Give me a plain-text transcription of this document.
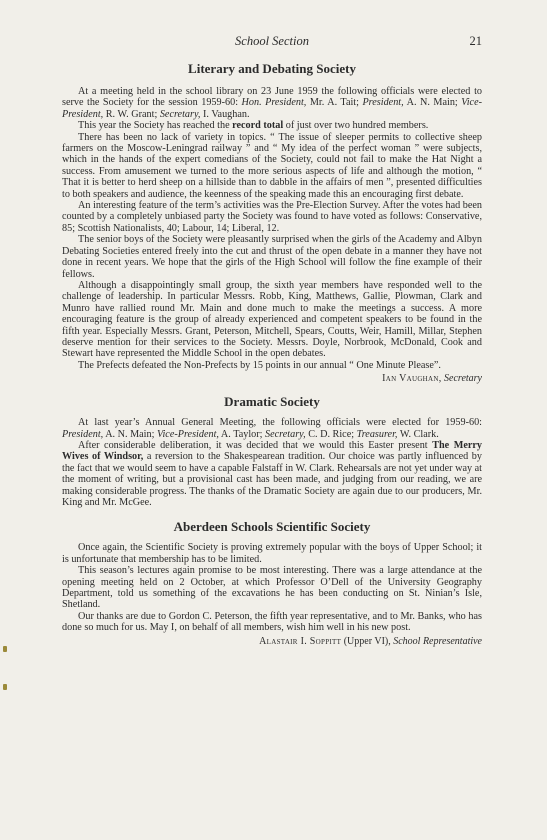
School Section	21
Literary and Debating Society

At a meeting held in the school library on 23 June 1959 the following officials were elected to serve the Society for the session 1959-60: Hon. President, Mr. A. Tait; President, A. N. Main; Vice-President, R. W. Grant; Secretary, I. Vaughan.

This year the Society has reached the record total of just over two hundred members.

There has been no lack of variety in topics. “ The issue of sleeper permits to collective sheep farmers on the Moscow-Leningrad railway ” and “ My idea of the perfect woman ” were subjects, which in the hands of the expert comedians of the Society, could not fail to make the Hat Night a success. From amusement we turned to the more serious aspects of life and although the motion, “ That it is better to herd sheep on a hillside than to dabble in the affairs of men ”, presented difficulties to both speakers and audience, the keenness of the speaking made this an encouraging first debate.

An interesting feature of the term’s activities was the Pre-Election Survey. After the votes had been counted by a completely unbiased party the Society was found to have voted as follows: Conservative, 85; Scottish Nationalists, 40; Labour, 14; Liberal, 12.

The senior boys of the Society were pleasantly surprised when the girls of the Academy and Albyn Debating Societies entered freely into the cut and thrust of the open debate in a manner they have not done in recent years. We hope that the girls of the High School will follow the fine example of their fellows.

Although a disappointingly small group, the sixth year members have responded well to the challenge of leadership. In particular Messrs. Robb, King, Matthews, Gallie, Plowman, Clark and Munro have rallied round Mr. Main and done much to make the meetings a success. A more encouraging feature is the group of already experienced and competent speakers to be found in the fifth year. Especially Messrs. Grant, Peterson, Mitchell, Spears, Coutts, Weir, Hamill, Millar, Stephen deserve mention for their services to the Society. Messrs. Doyle, Norbrook, McDonald, Cook and Stewart have represented the Middle School in the open debates.

The Prefects defeated the Non-Prefects by 15 points in our annual “ One Minute Please”.

Ian Vaughan, Secretary
Dramatic Society

At last year’s Annual General Meeting, the following officials were elected for 1959-60: President, A. N. Main; Vice-President, A. Taylor; Secretary, C. D. Rice; Treasurer, W. Clark.

After considerable deliberation, it was decided that we would this Easter present The Merry Wives of Windsor, a reversion to the Shakespearean tradition. Our choice was partly influenced by the fact that we would seem to have a capable Falstaff in W. Clark. Rehearsals are not yet under way at the moment of writing, but a provisional cast has been made, and judging from our reading, we are making considerable progress. The thanks of the Dramatic Society are again due to our producers, Mr. King and Mr. McGee.

Aberdeen Schools Scientific Society

Once again, the Scientific Society is proving extremely popular with the boys of Upper School; it is unfortunate that membership has to be limited.

This season’s lectures again promise to be most interesting. There was a large attendance at the opening meeting held on 2 October, at which Professor O’Dell of the University Geography Department, told us something of the excavations he has been conducting on St. Ninian’s Isle, Shetland.

Our thanks are due to Gordon C. Peterson, the fifth year representative, and to Mr. Banks, who has done so much for us. May I, on behalf of all members, wish him well in his new post.

Alastair I. Soppitt (Upper VI), School Representative
